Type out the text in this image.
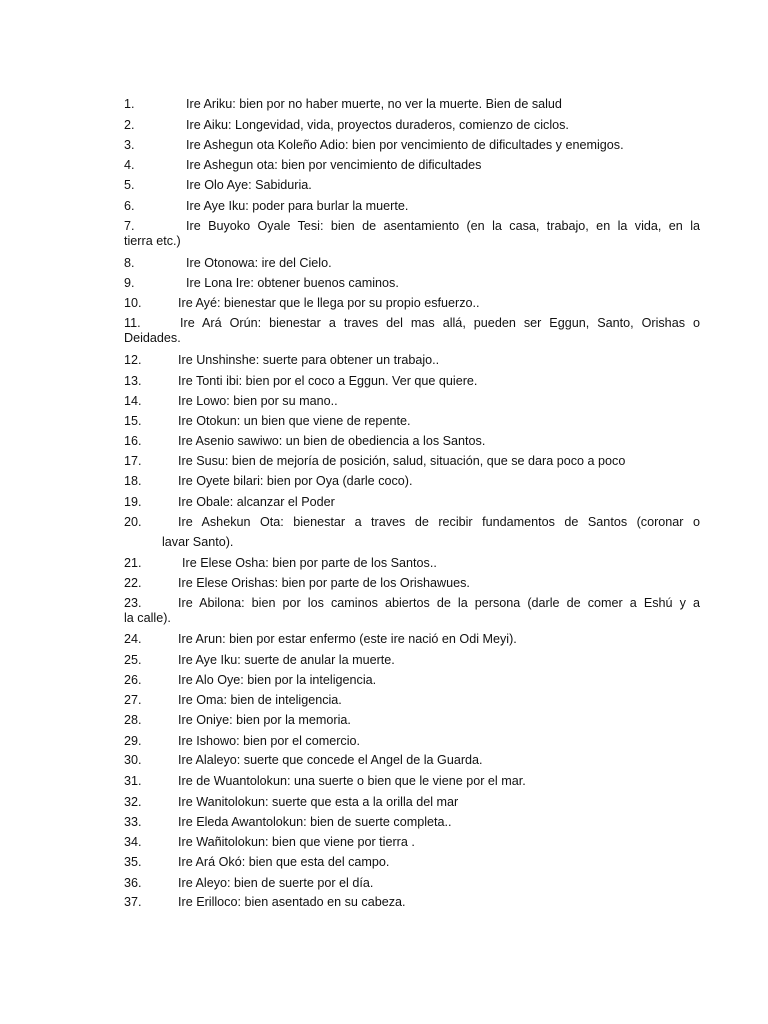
1.	Ire Ariku: bien por no haber muerte, no ver la muerte. Bien de salud
2.	Ire Aiku: Longevidad, vida, proyectos duraderos, comienzo de ciclos.
3.	Ire Ashegun ota Koleño Adio: bien por vencimiento de dificultades y enemigos.
4.	Ire Ashegun ota: bien por vencimiento de dificultades
5.	Ire Olo Aye: Sabiduria.
6.	Ire Aye Iku: poder para burlar la muerte.
7.	Ire Buyoko Oyale Tesi: bien de asentamiento (en la casa, trabajo, en la vida, en la
tierra etc.)
8.	Ire Otonowa: ire del Cielo.
9.	Ire Lona Ire: obtener buenos caminos.
10.	Ire Ayé: bienestar que le llega por su propio esfuerzo..
11.	Ire Ará Orún: bienestar a traves del mas allá, pueden ser Eggun, Santo, Orishas o
Deidades.
12.	Ire Unshinshe: suerte para obtener un trabajo..
13.	Ire Tonti ibi: bien por el coco a Eggun. Ver que quiere.
14.	Ire Lowo: bien por su mano..
15.	Ire Otokun: un bien que viene de repente.
16.	Ire Asenio sawiwo: un bien de obediencia a los Santos.
17.	Ire Susu: bien de mejoría de posición, salud, situación, que se dara poco a poco
18.	Ire Oyete bilari: bien por Oya (darle coco).
19.	Ire Obale: alcanzar el Poder
20.	Ire Ashekun Ota: bienestar a traves de recibir fundamentos de Santos (coronar o
lavar Santo).
21.	Ire Elese Osha: bien por parte de los Santos..
22.	Ire Elese Orishas: bien por parte de los Orishawues.
23.	Ire Abilona: bien por los caminos abiertos de la persona (darle de comer a Eshú y a
la calle).
24.	Ire Arun: bien por estar enfermo (este ire nació en Odi Meyi).
25.	Ire Aye Iku: suerte de anular la muerte.
26.	Ire Alo Oye: bien por la inteligencia.
27.	Ire Oma: bien de inteligencia.
28.	Ire Oniye: bien por la memoria.
29.	Ire Ishowo: bien por el comercio.
30.	Ire Alaleyo: suerte que concede el Angel de la Guarda.
31.	Ire de Wuantolokun: una suerte o bien que le viene por el mar.
32.	Ire Wanitolokun: suerte que esta a la orilla del mar
33.	Ire Eleda Awantolokun: bien de suerte completa..
34.	Ire Wañitolokun: bien que viene por tierra .
35.	Ire Ará Okó: bien que esta del campo.
36.	Ire Aleyo: bien de suerte por el día.
37.	Ire Erilloco: bien asentado en su cabeza.
